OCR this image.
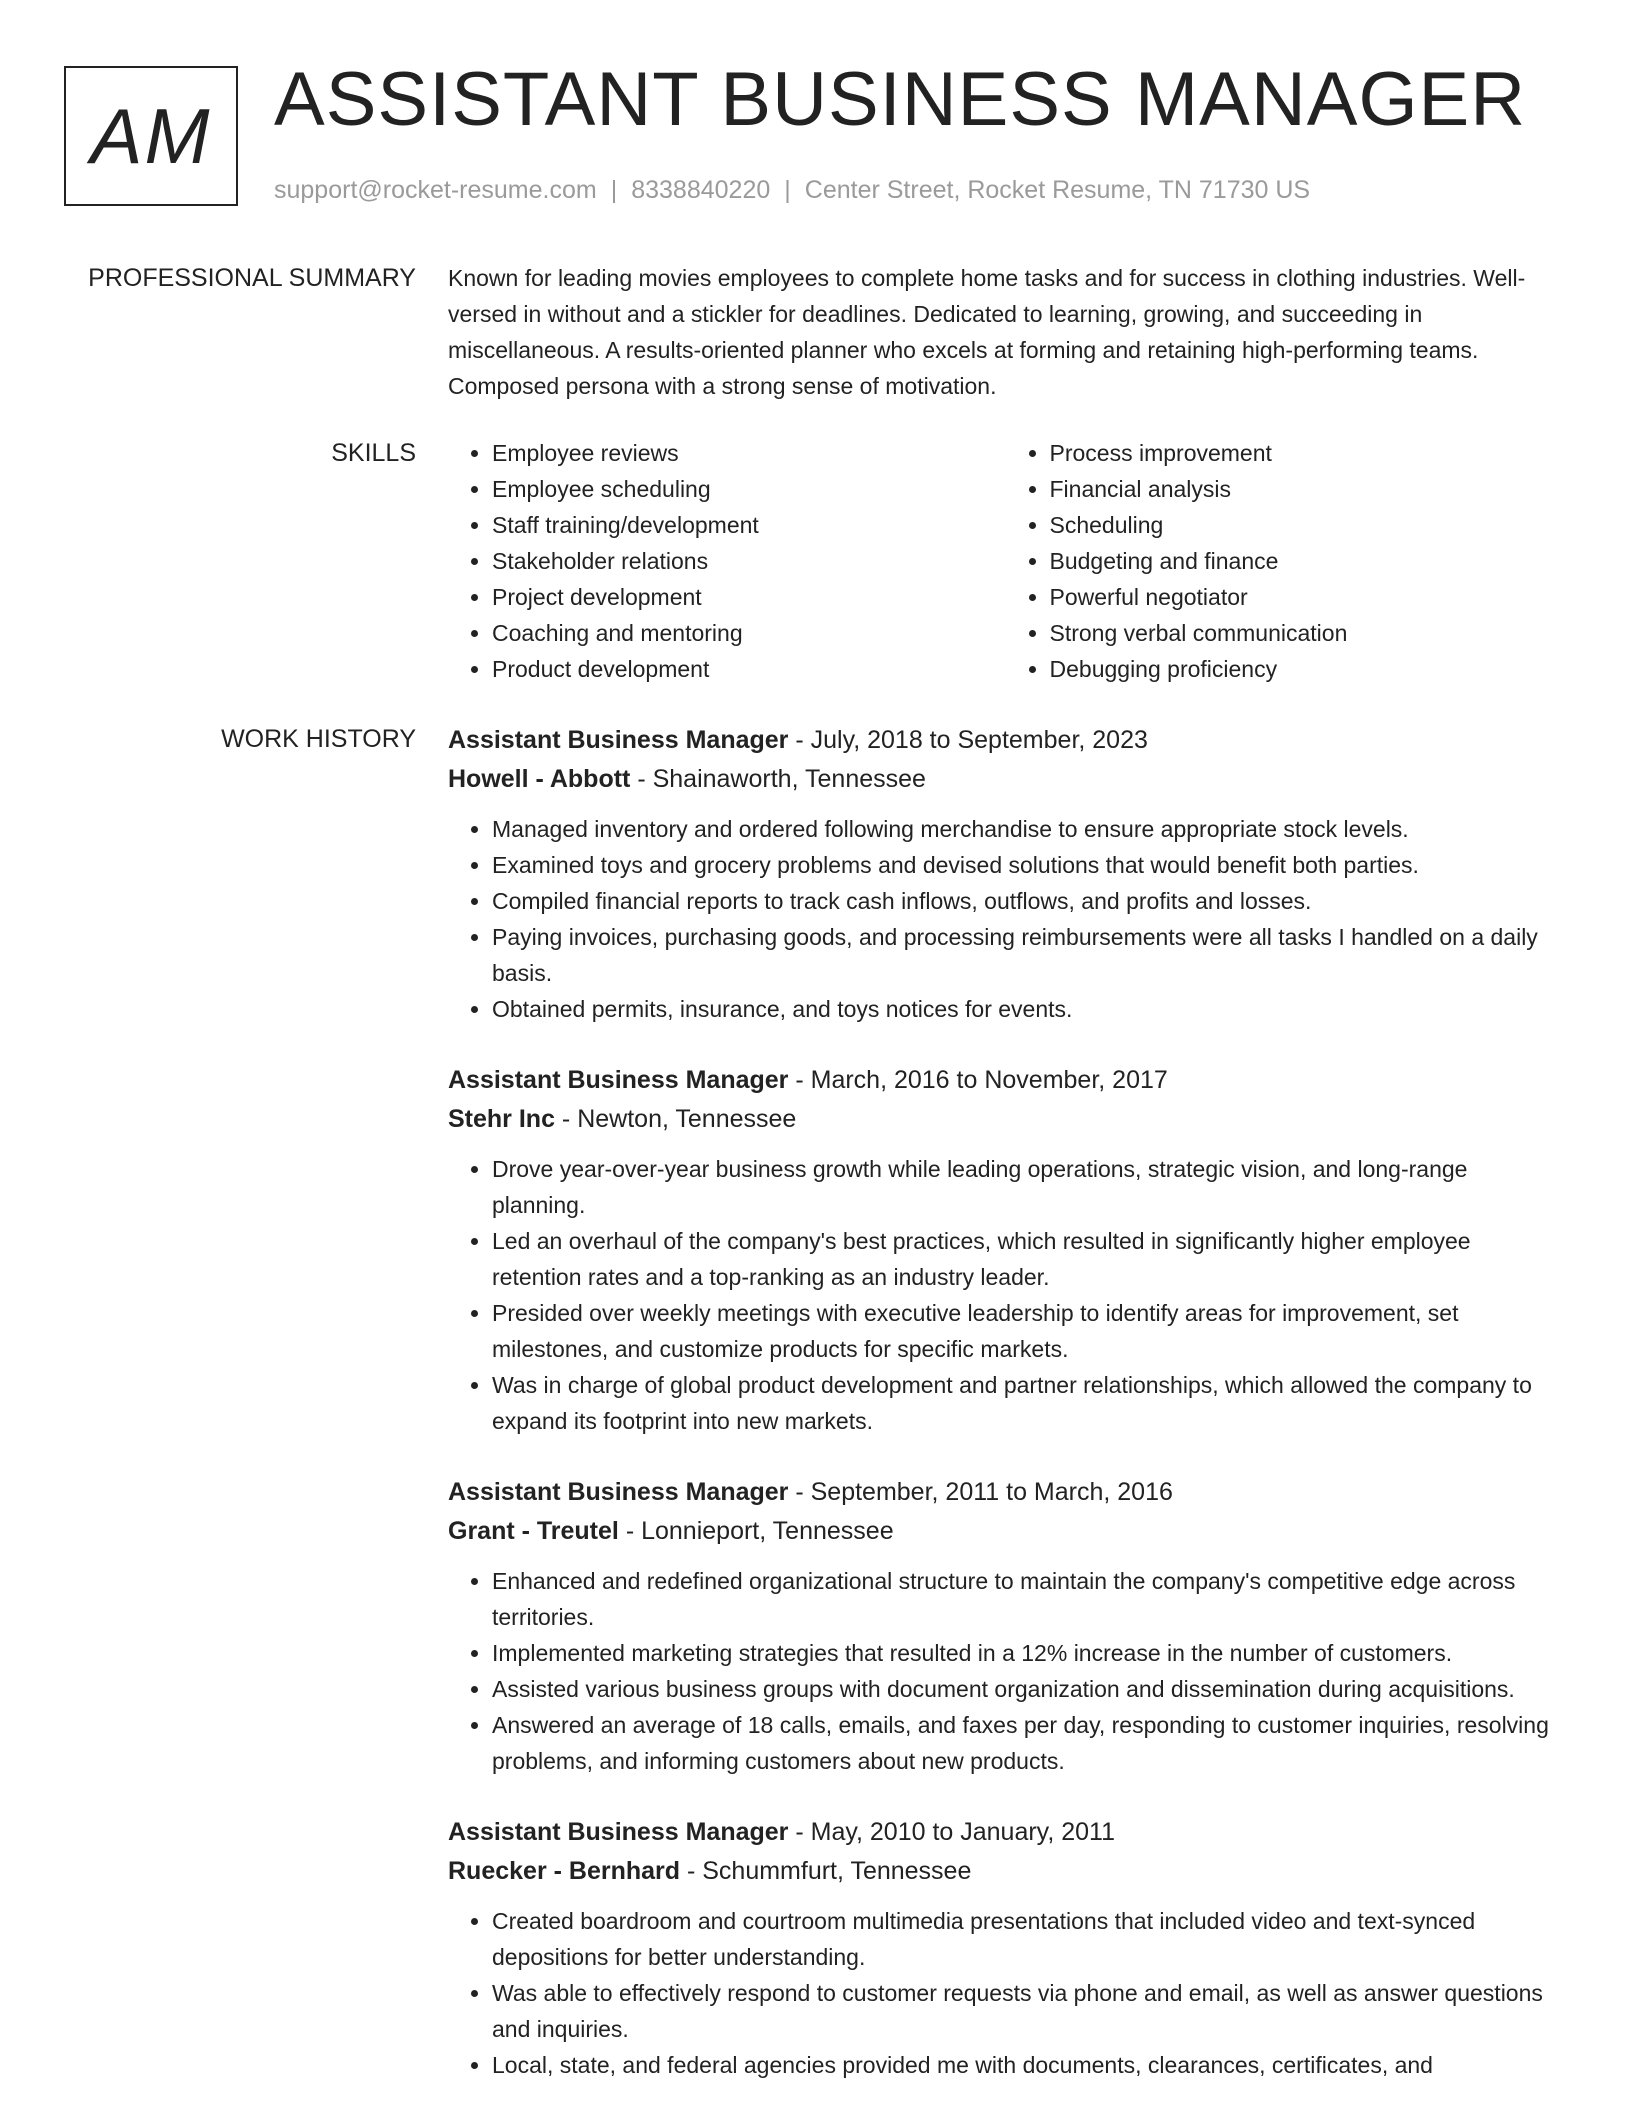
AM ASSISTANT BUSINESS MANAGER
support@rocket-resume.com | 8338840220 | Center Street, Rocket Resume, TN 71730 US
PROFESSIONAL SUMMARY Known for leading movies employees to complete home tasks and for success in clothing industries. Well-versed in without and a stickler for deadlines. Dedicated to learning, growing, and succeeding in miscellaneous. A results-oriented planner who excels at forming and retaining high-performing teams. Composed persona with a strong sense of motivation.

SKILLS
•	Employee reviews
• Employee scheduling
• Staff training/development
• Stakeholder relations
• Project development
• Coaching and mentoring
• Product development
• Process improvement
• Financial analysis
• Scheduling
• Budgeting and finance
• Powerful negotiator
• Strong verbal communication
• Debugging proficiency
WORK HISTORY Assistant Business Manager - July, 2018 to September, 2023
Howell - Abbott - Shainaworth, Tennessee
• Managed inventory and ordered following merchandise to ensure appropriate stock levels.
• Examined toys and grocery problems and devised solutions that would benefit both parties.
• Compiled financial reports to track cash inflows, outflows, and profits and losses.
• Paying invoices, purchasing goods, and processing reimbursements were all tasks I handled on a daily basis.
• Obtained permits, insurance, and toys notices for events.
Assistant Business Manager - March, 2016 to November, 2017
Stehr Inc - Newton, Tennessee
• Drove year-over-year business growth while leading operations, strategic vision, and long-range planning.
• Led an overhaul of the company's best practices, which resulted in significantly higher employee retention rates and a top-ranking as an industry leader.
• Presided over weekly meetings with executive leadership to identify areas for improvement, set milestones, and customize products for specific markets.
• Was in charge of global product development and partner relationships, which allowed the company to expand its footprint into new markets.
Assistant Business Manager - September, 2011 to March, 2016
Grant - Treutel - Lonnieport, Tennessee
• Enhanced and redefined organizational structure to maintain the company's competitive edge across territories.
• Implemented marketing strategies that resulted in a 12% increase in the number of customers.
• Assisted various business groups with document organization and dissemination during acquisitions.
• Answered an average of 18 calls, emails, and faxes per day, responding to customer inquiries, resolving problems, and informing customers about new products.
Assistant Business Manager - May, 2010 to January, 2011
Ruecker - Bernhard - Schummfurt, Tennessee
• Created boardroom and courtroom multimedia presentations that included video and text-synced depositions for better understanding.
• Was able to effectively respond to customer requests via phone and email, as well as answer questions and inquiries.
• Local, state, and federal agencies provided me with documents, clearances, certificates, and
